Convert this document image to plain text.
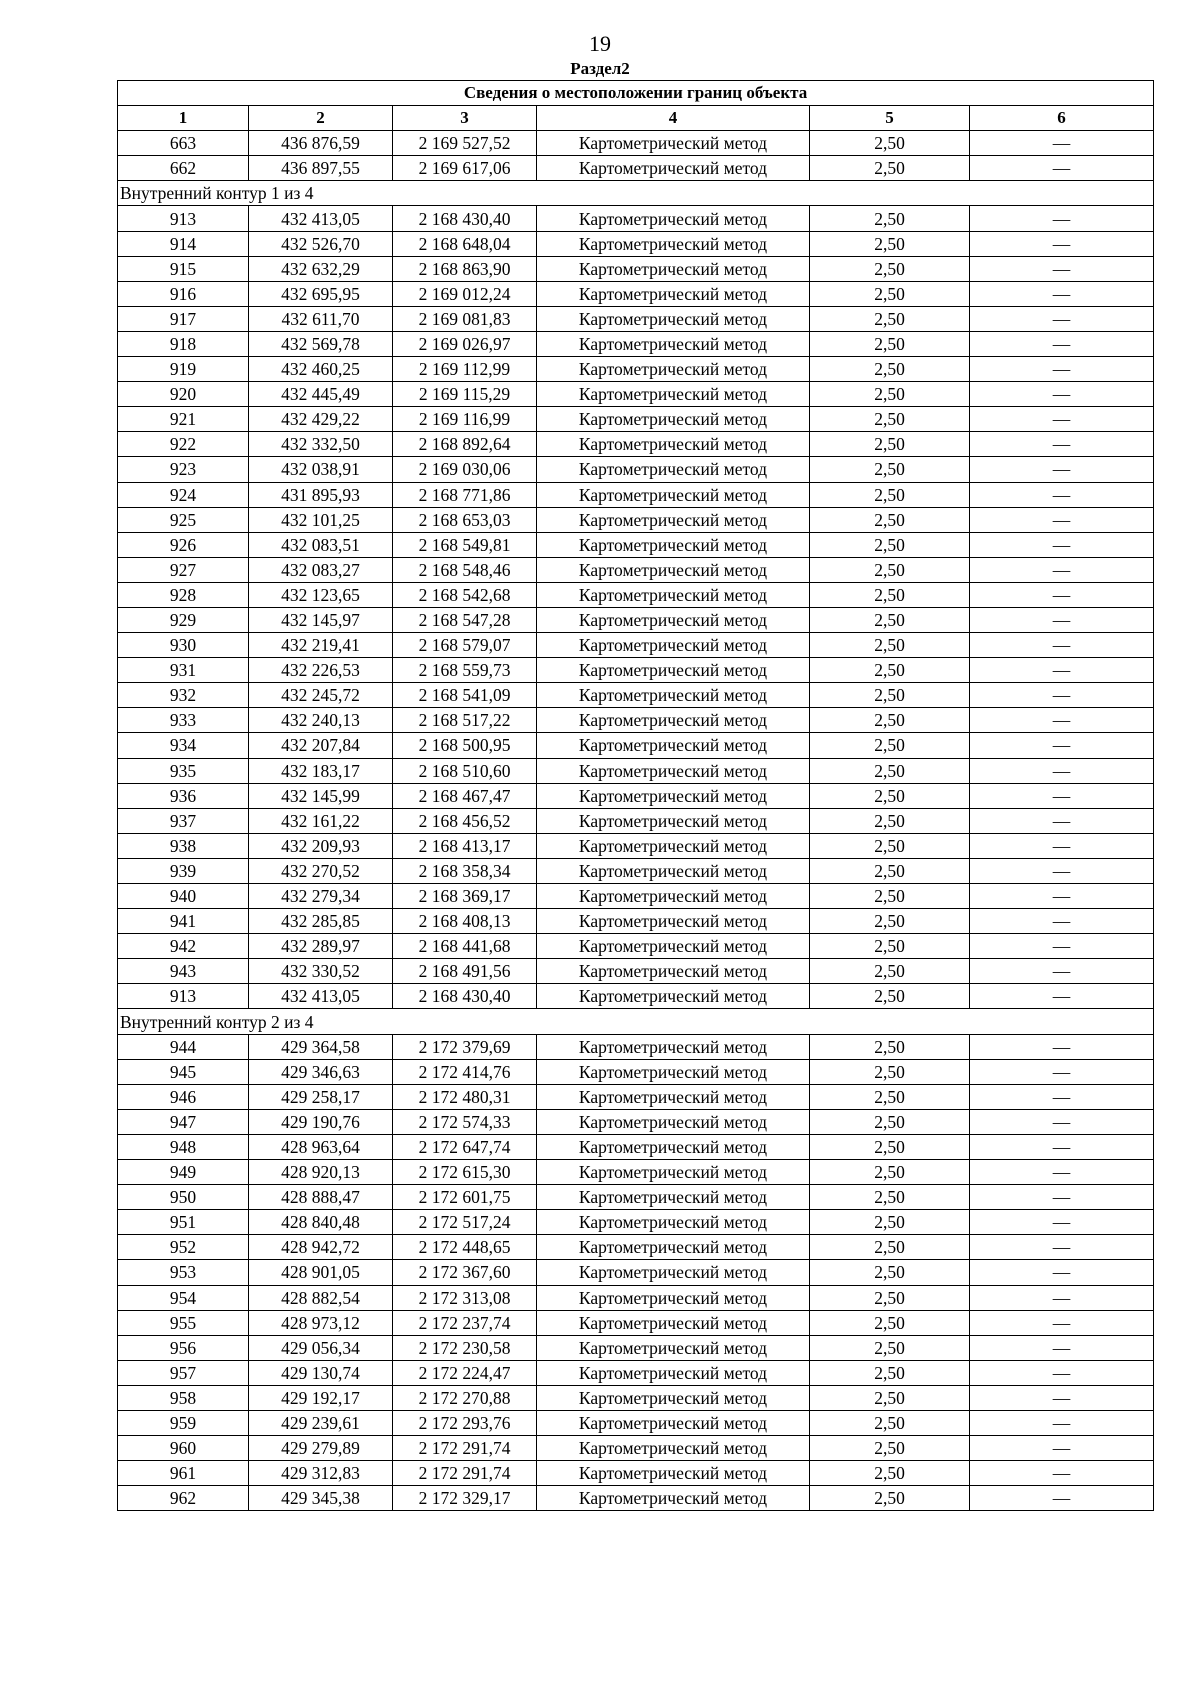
19
Раздел2
Сведения о местоположении границ объекта					
1	2	3	4	5	6
663	436 876,59	2 169 527,52	Картометрический метод	2,50	—
662	436 897,55	2 169 617,06	Картометрический метод	2,50	—
Внутренний контур 1 из 4					
913	432 413,05	2 168 430,40	Картометрический метод	2,50	—
914	432 526,70	2 168 648,04	Картометрический метод	2,50	—
915	432 632,29	2 168 863,90	Картометрический метод	2,50	—
916	432 695,95	2 169 012,24	Картометрический метод	2,50	—
917	432 611,70	2 169 081,83	Картометрический метод	2,50	—
918	432 569,78	2 169 026,97	Картометрический метод	2,50	—
919	432 460,25	2 169 112,99	Картометрический метод	2,50	—
920	432 445,49	2 169 115,29	Картометрический метод	2,50	—
921	432 429,22	2 169 116,99	Картометрический метод	2,50	—
922	432 332,50	2 168 892,64	Картометрический метод	2,50	—
923	432 038,91	2 169 030,06	Картометрический метод	2,50	—
924	431 895,93	2 168 771,86	Картометрический метод	2,50	—
925	432 101,25	2 168 653,03	Картометрический метод	2,50	—
926	432 083,51	2 168 549,81	Картометрический метод	2,50	—
927	432 083,27	2 168 548,46	Картометрический метод	2,50	—
928	432 123,65	2 168 542,68	Картометрический метод	2,50	—
929	432 145,97	2 168 547,28	Картометрический метод	2,50	—
930	432 219,41	2 168 579,07	Картометрический метод	2,50	—
931	432 226,53	2 168 559,73	Картометрический метод	2,50	—
932	432 245,72	2 168 541,09	Картометрический метод	2,50	—
933	432 240,13	2 168 517,22	Картометрический метод	2,50	—
934	432 207,84	2 168 500,95	Картометрический метод	2,50	—
935	432 183,17	2 168 510,60	Картометрический метод	2,50	—
936	432 145,99	2 168 467,47	Картометрический метод	2,50	—
937	432 161,22	2 168 456,52	Картометрический метод	2,50	—
938	432 209,93	2 168 413,17	Картометрический метод	2,50	—
939	432 270,52	2 168 358,34	Картометрический метод	2,50	—
940	432 279,34	2 168 369,17	Картометрический метод	2,50	—
941	432 285,85	2 168 408,13	Картометрический метод	2,50	—
942	432 289,97	2 168 441,68	Картометрический метод	2,50	—
943	432 330,52	2 168 491,56	Картометрический метод	2,50	—
913	432 413,05	2 168 430,40	Картометрический метод	2,50	—
Внутренний контур 2 из 4					
944	429 364,58	2 172 379,69	Картометрический метод	2,50	—
945	429 346,63	2 172 414,76	Картометрический метод	2,50	—
946	429 258,17	2 172 480,31	Картометрический метод	2,50	—
947	429 190,76	2 172 574,33	Картометрический метод	2,50	—
948	428 963,64	2 172 647,74	Картометрический метод	2,50	—
949	428 920,13	2 172 615,30	Картометрический метод	2,50	—
950	428 888,47	2 172 601,75	Картометрический метод	2,50	—
951	428 840,48	2 172 517,24	Картометрический метод	2,50	—
952	428 942,72	2 172 448,65	Картометрический метод	2,50	—
953	428 901,05	2 172 367,60	Картометрический метод	2,50	—
954	428 882,54	2 172 313,08	Картометрический метод	2,50	—
955	428 973,12	2 172 237,74	Картометрический метод	2,50	—
956	429 056,34	2 172 230,58	Картометрический метод	2,50	—
957	429 130,74	2 172 224,47	Картометрический метод	2,50	—
958	429 192,17	2 172 270,88	Картометрический метод	2,50	—
959	429 239,61	2 172 293,76	Картометрический метод	2,50	—
960	429 279,89	2 172 291,74	Картометрический метод	2,50	—
961	429 312,83	2 172 291,74	Картометрический метод	2,50	—
962	429 345,38	2 172 329,17	Картометрический метод	2,50	—
